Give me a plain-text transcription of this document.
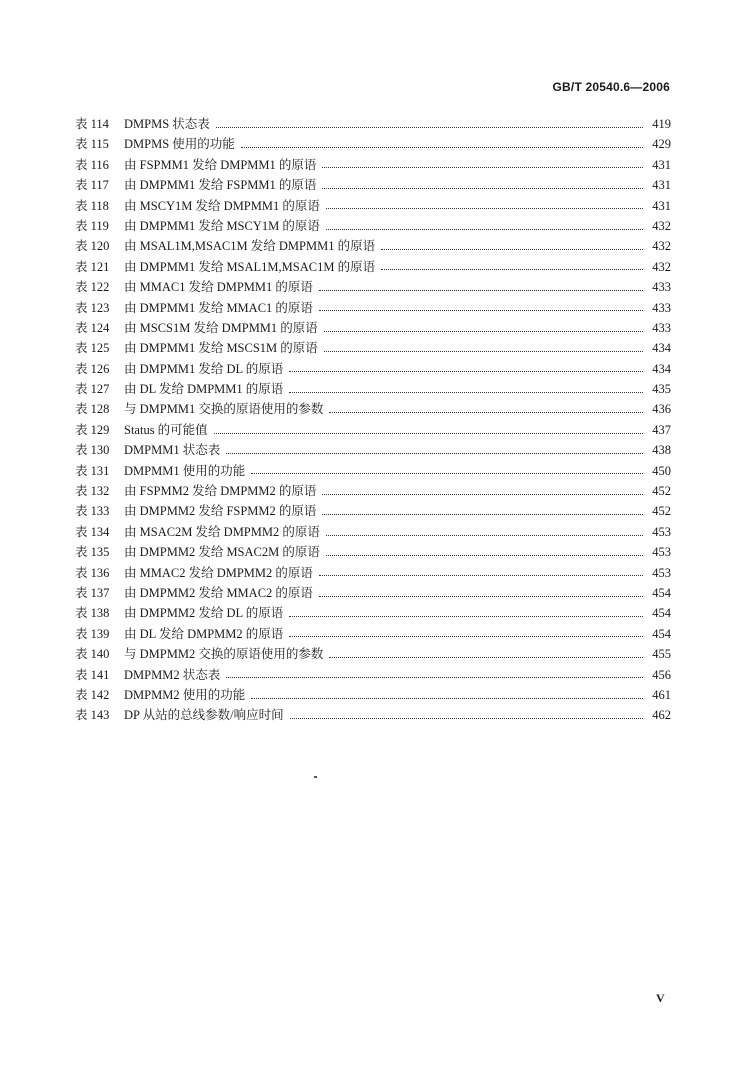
GB/T 20540.6—2006
表 114	DMPMS 状态表	419
表 115	DMPMS 使用的功能	429
表 116	由 FSPMM1 发给 DMPMM1 的原语	431
表 117	由 DMPMM1 发给 FSPMM1 的原语	431
表 118	由 MSCY1M 发给 DMPMM1 的原语	431
表 119	由 DMPMM1 发给 MSCY1M 的原语	432
表 120	由 MSAL1M,MSAC1M 发给 DMPMM1 的原语	432
表 121	由 DMPMM1 发给 MSAL1M,MSAC1M 的原语	432
表 122	由 MMAC1 发给 DMPMM1 的原语	433
表 123	由 DMPMM1 发给 MMAC1 的原语	433
表 124	由 MSCS1M 发给 DMPMM1 的原语	433
表 125	由 DMPMM1 发给 MSCS1M 的原语	434
表 126	由 DMPMM1 发给 DL 的原语	434
表 127	由 DL 发给 DMPMM1 的原语	435
表 128	与 DMPMM1 交换的原语使用的参数	436
表 129	Status 的可能值	437
表 130	DMPMM1 状态表	438
表 131	DMPMM1 使用的功能	450
表 132	由 FSPMM2 发给 DMPMM2 的原语	452
表 133	由 DMPMM2 发给 FSPMM2 的原语	452
表 134	由 MSAC2M 发给 DMPMM2 的原语	453
表 135	由 DMPMM2 发给 MSAC2M 的原语	453
表 136	由 MMAC2 发给 DMPMM2 的原语	453
表 137	由 DMPMM2 发给 MMAC2 的原语	454
表 138	由 DMPMM2 发给 DL 的原语	454
表 139	由 DL 发给 DMPMM2 的原语	454
表 140	与 DMPMM2 交换的原语使用的参数	455
表 141	DMPMM2 状态表	456
表 142	DMPMM2 使用的功能	461
表 143	DP 从站的总线参数/响应时间	462
V
